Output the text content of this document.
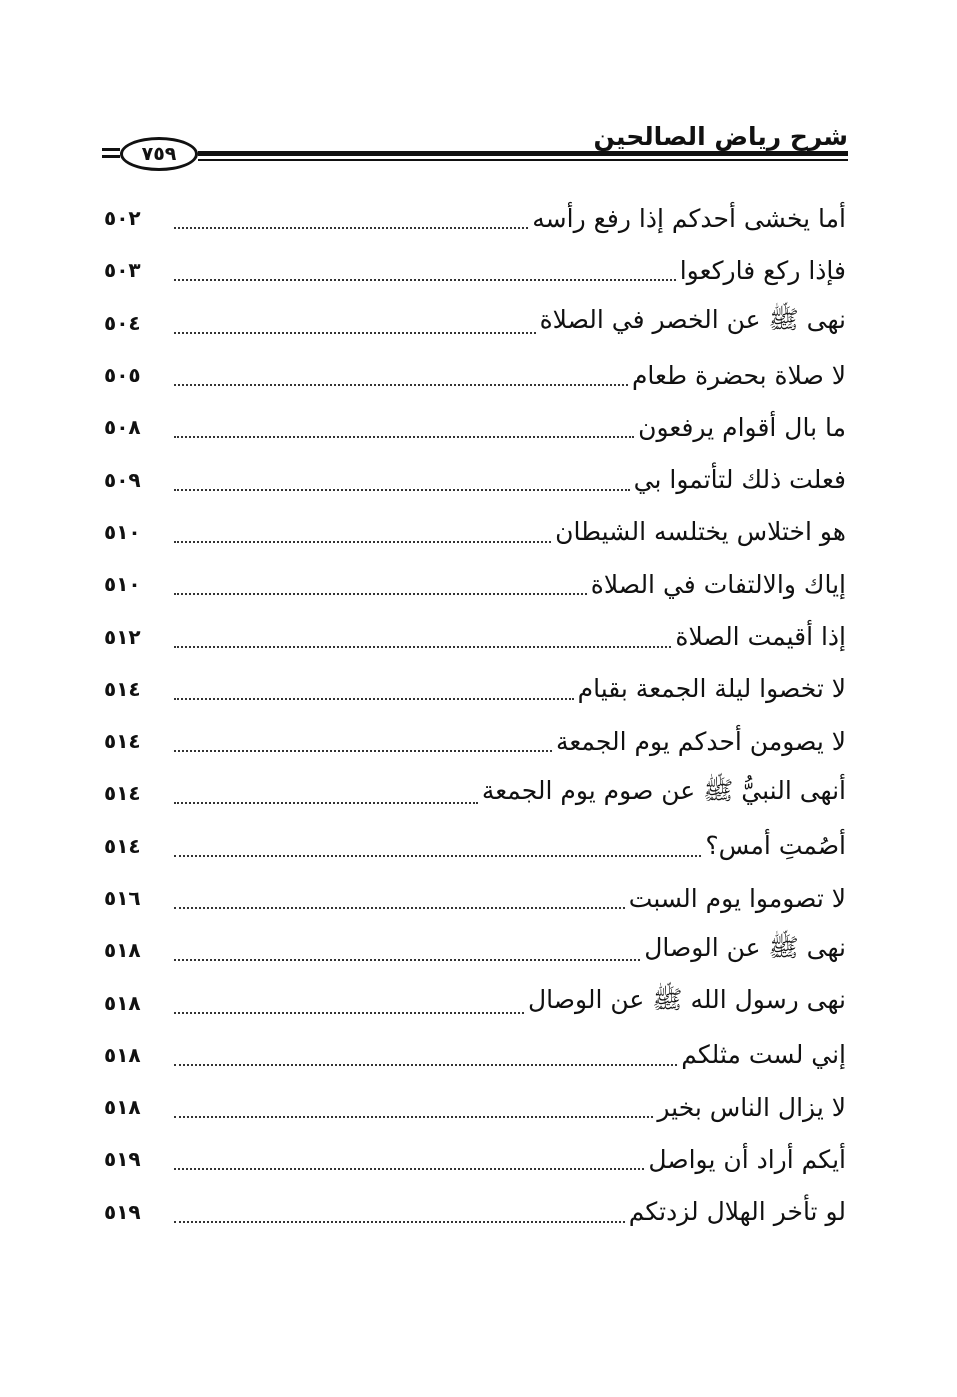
شرح رياض الصالحين
٧٥٩
أما يخشى أحدكم إذا رفع رأسه
٥٠٢
فإذا ركع فاركعوا
٥٠٣
نهى ﷺ عن الخصر في الصلاة
٥٠٤
لا صلاة بحضرة طعام
٥٠٥
ما بال أقوام يرفعون
٥٠٨
فعلت ذلك لتأتموا بي
٥٠٩
هو اختلاس يختلسه الشيطان
٥١٠
إياك والالتفات في الصلاة
٥١٠
إذا أقيمت الصلاة
٥١٢
لا تخصوا ليلة الجمعة بقيام
٥١٤
لا يصومن أحدكم يوم الجمعة
٥١٤
أنهى النبيُّ ﷺ عن صوم يوم الجمعة
٥١٤
أصُمتِ أمس؟
٥١٤
لا تصوموا يوم السبت
٥١٦
نهى ﷺ عن الوصال
٥١٨
نهى رسول الله ﷺ عن الوصال
٥١٨
إني لست مثلكم
٥١٨
لا يزال الناس بخير
٥١٨
أيكم أراد أن يواصل
٥١٩
لو تأخر الهلال لزدتكم
٥١٩
